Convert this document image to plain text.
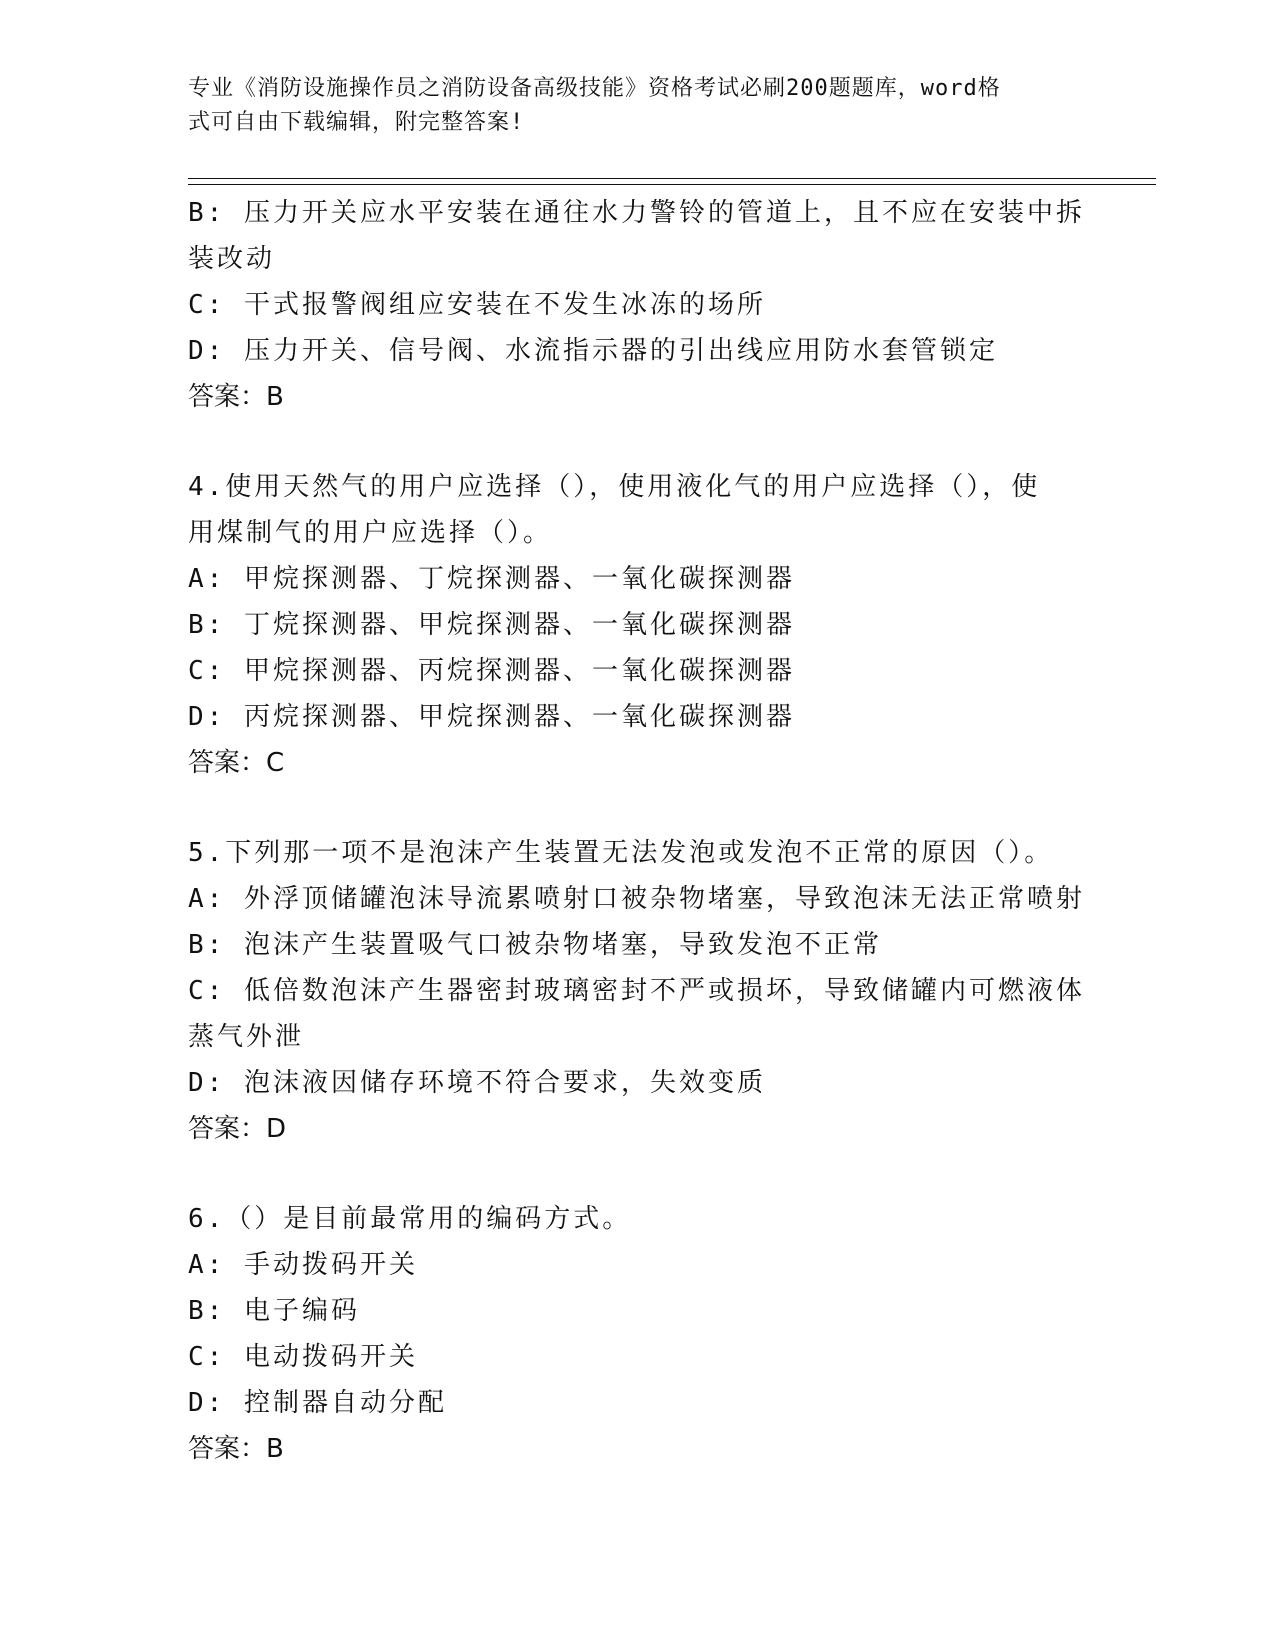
专业《消防设施操作员之消防设备高级技能》资格考试必刷200题题库，word格
式可自由下载编辑，附完整答案!
B: 压力开关应水平安装在通往水力警铃的管道上，且不应在安装中拆
装改动
C: 干式报警阀组应安装在不发生冰冻的场所
D: 压力开关、信号阀、水流指示器的引出线应用防水套管锁定
答案：B
4.使用天然气的用户应选择（），使用液化气的用户应选择（），使
用煤制气的用户应选择（）。
A: 甲烷探测器、丁烷探测器、一氧化碳探测器
B: 丁烷探测器、甲烷探测器、一氧化碳探测器
C: 甲烷探测器、丙烷探测器、一氧化碳探测器
D: 丙烷探测器、甲烷探测器、一氧化碳探测器
答案：C
5.下列那一项不是泡沫产生装置无法发泡或发泡不正常的原因（）。
A: 外浮顶储罐泡沫导流累喷射口被杂物堵塞，导致泡沫无法正常喷射
B: 泡沫产生装置吸气口被杂物堵塞，导致发泡不正常
C: 低倍数泡沫产生器密封玻璃密封不严或损坏，导致储罐内可燃液体
蒸气外泄
D: 泡沫液因储存环境不符合要求，失效变质
答案：D
6.（）是目前最常用的编码方式。
A: 手动拨码开关
B: 电子编码
C: 电动拨码开关
D: 控制器自动分配
答案：B
